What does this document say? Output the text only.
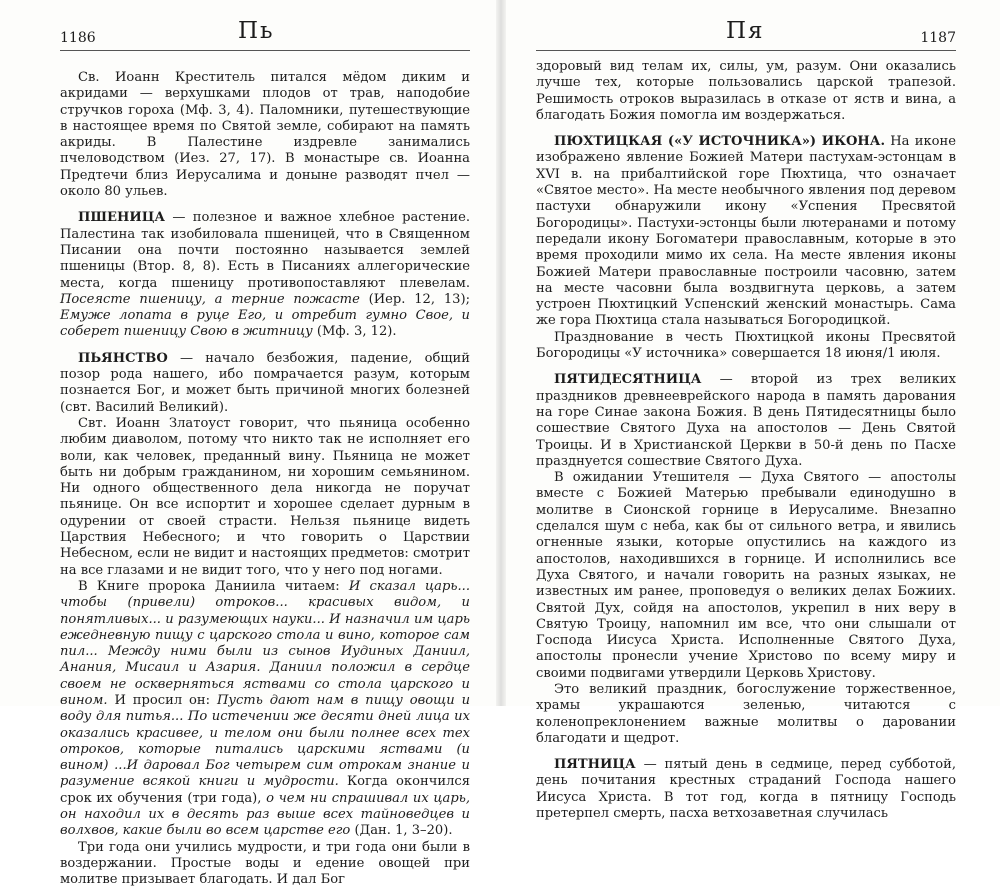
1186	Пь

Св. Иоанн Креститель питался мёдом диким и акридами — верхушками плодов от трав, наподобие стручков гороха (Мф. 3, 4). Паломники, путешествующие в настоящее время по Святой земле, собирают на память акриды. В Палестине издревле занимались пчеловодством (Иез. 27, 17). В монастыре св. Иоанна Предтечи близ Иерусалима и доныне разводят пчел — около 80 ульев.

ПШЕНИЦА — полезное и важное хлебное растение. Палестина так изобиловала пшеницей, что в Священном Писании она почти постоянно называется землей пшеницы (Втор. 8, 8). Есть в Писаниях аллегорические места, когда пшеницу противопоставляют плевелам. Посеясте пшеницу, а терние пожасте (Иер. 12, 13); Емуже лопата в руце Его, и отребит гумно Свое, и соберет пшеницу Свою в житницу (Мф. 3, 12).

ПЬЯНСТВО — начало безбожия, падение, общий позор рода нашего, ибо помрачается разум, которым познается Бог, и может быть причиной многих болезней (свт. Василий Великий).

Свт. Иоанн Златоуст говорит, что пьяница особенно любим диаволом, потому что никто так не исполняет его воли, как человек, преданный вину. Пьяница не может быть ни добрым гражданином, ни хорошим семьянином. Ни одного общественного дела никогда не поручат пьянице. Он все испортит и хорошее сделает дурным в одурении от своей страсти. Нельзя пьянице видеть Царствия Небесного; и что говорить о Царствии Небесном, если не видит и настоящих предметов: смотрит на все глазами и не видит того, что у него под ногами.

В Книге пророка Даниила читаем: И сказал царь... чтобы (привели) отроков... красивых видом, и понятливых... и разумеющих науки... И назначил им царь ежедневную пищу с царского стола и вино, которое сам пил... Между ними были из сынов Иудиных Даниил, Анания, Мисаил и Азария. Даниил положил в сердце своем не оскверняться яствами со стола царского и вином. И просил он: Пусть дают нам в пищу овощи и воду для питья... По истечении же десяти дней лица их оказались красивее, и телом они были полнее всех тех отроков, которые питались царскими яствами (и вином) ...И даровал Бог четырем сим отрокам знание и разумение всякой книги и мудрости. Когда окончился срок их обучения (три года), о чем ни спрашивал их царь, он находил их в десять раз выше всех тайноведцев и волхвов, какие были во всем царстве его (Дан. 1, 3–20).

Три года они учились мудрости, и три года они были в воздержании. Простые воды и едение овощей при молитве призывает благодать. И дал Бог

Пя	1187

здоровый вид телам их, силы, ум, разум. Они оказались лучше тех, которые пользовались царской трапезой. Решимость отроков выразилась в отказе от яств и вина, а благодать Божия помогла им воздержаться.

ПЮХТИЦКАЯ («У ИСТОЧНИКА») ИКОНА. На иконе изображено явление Божией Матери пастухам-эстонцам в XVI в. на прибалтийской горе Пюхтица, что означает «Святое место». На месте необычного явления под деревом пастухи обнаружили икону «Успения Пресвятой Богородицы». Пастухи-эстонцы были лютеранами и потому передали икону Богоматери православным, которые в это время проходили мимо их села. На месте явления иконы Божией Матери православные построили часовню, затем на месте часовни была воздвигнута церковь, а затем устроен Пюхтицкий Успенский женский монастырь. Сама же гора Пюхтица стала называться Богородицкой.

Празднование в честь Пюхтицкой иконы Пресвятой Богородицы «У источника» совершается 18 июня/1 июля.

ПЯТИДЕСЯТНИЦА — второй из трех великих праздников древнееврейского народа в память дарования на горе Синае закона Божия. В день Пятидесятницы было сошествие Святого Духа на апостолов — День Святой Троицы. И в Христианской Церкви в 50-й день по Пасхе празднуется сошествие Святого Духа.

В ожидании Утешителя — Духа Святого — апостолы вместе с Божией Матерью пребывали единодушно в молитве в Сионской горнице в Иерусалиме. Внезапно сделался шум с неба, как бы от сильного ветра, и явились огненные языки, которые опустились на каждого из апостолов, находившихся в горнице. И исполнились все Духа Святого, и начали говорить на разных языках, не известных им ранее, проповедуя о великих делах Божиих. Святой Дух, сойдя на апостолов, укрепил в них веру в Святую Троицу, напомнил им все, что они слышали от Господа Иисуса Христа. Исполненные Святого Духа, апостолы пронесли учение Христово по всему миру и своими подвигами утвердили Церковь Христову.

Это великий праздник, богослужение торжественное, храмы украшаются зеленью, читаются с коленопреклонением важные молитвы о даровании благодати и щедрот.

ПЯТНИЦА — пятый день в седмице, перед субботой, день почитания крестных страданий Господа нашего Иисуса Христа. В тот год, когда в пятницу Господь претерпел смерть, пасха ветхозаветная случилась
